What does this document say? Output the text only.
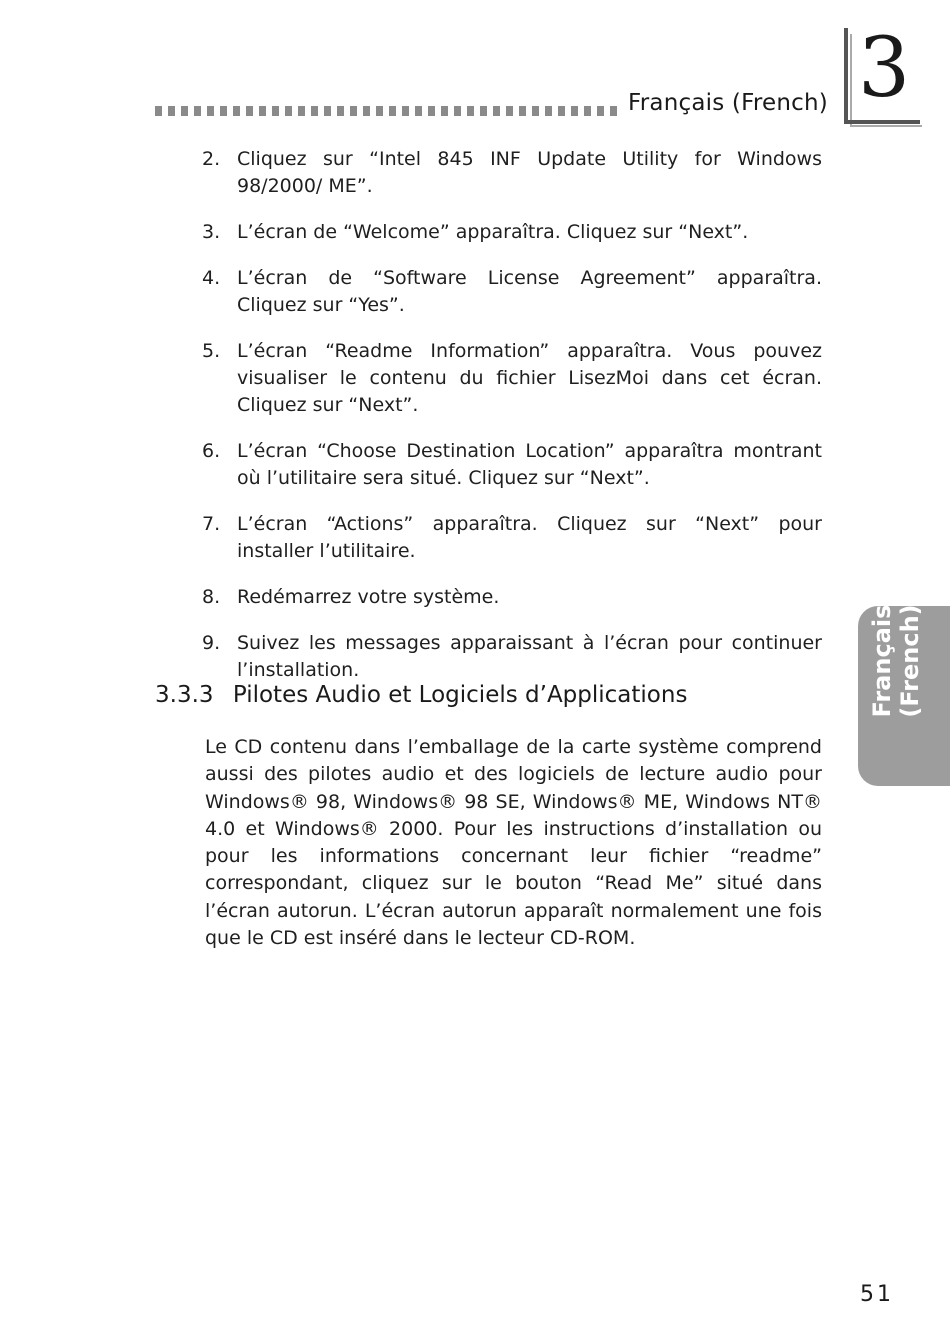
Français (French) 3
Français (French)
2. Cliquez sur “Intel 845 INF Update Utility for Windows 98/2000/ ME”.
3. L’écran de “Welcome” apparaîtra. Cliquez sur “Next”.
4. L’écran de “Software License Agreement” apparaîtra. Cliquez sur “Yes”.
5. L’écran “Readme Information” apparaîtra. Vous pouvez visualiser le contenu du fichier LisezMoi dans cet écran. Cliquez sur “Next”.
6. L’écran “Choose Destination Location” apparaîtra montrant où l’utilitaire sera situé. Cliquez sur “Next”.
7. L’écran “Actions” apparaîtra. Cliquez sur “Next” pour installer l’utilitaire.
8. Redémarrez votre système.
9. Suivez les messages apparaissant à l’écran pour continuer l’installation.
3.3.3 Pilotes Audio et Logiciels d’Applications
Le CD contenu dans l’emballage de la carte système comprend aussi des pilotes audio et des logiciels de lecture audio pour Windows® 98, Windows® 98 SE, Windows® ME, Windows NT® 4.0 et Windows® 2000. Pour les instructions d’installation ou pour les informations concernant leur fichier “readme” correspondant, cliquez sur le bouton “Read Me” situé dans l’écran autorun. L’écran autorun apparaît normalement une fois que le CD est inséré dans le lecteur CD-ROM.
51
